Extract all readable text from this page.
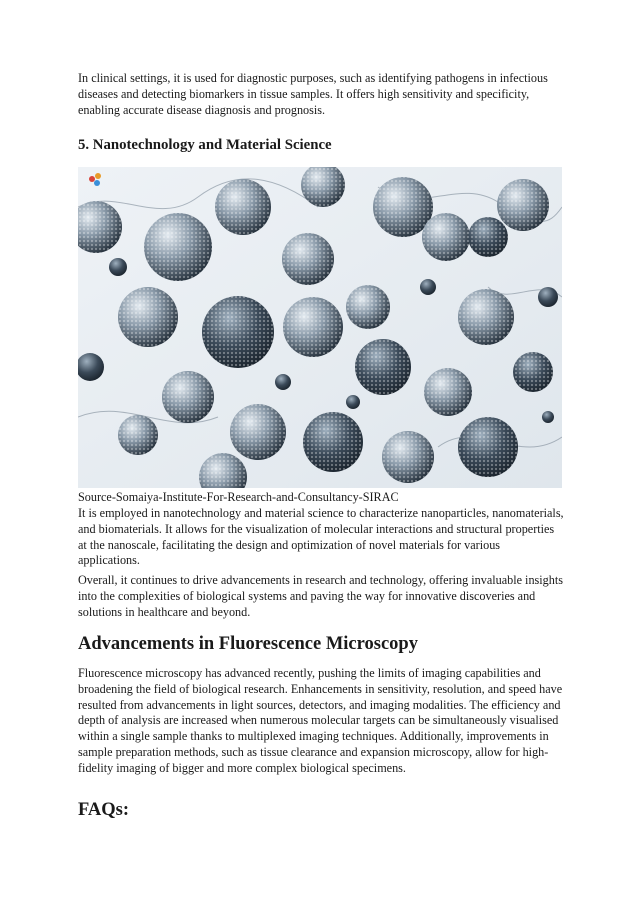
In clinical settings, it is used for diagnostic purposes, such as identifying pathogens in infectious diseases and detecting biomarkers in tissue samples. It offers high sensitivity and specificity, enabling accurate disease diagnosis and prognosis.

5. Nanotechnology and Material Science

Source-Somaiya-Institute-For-Research-and-Consultancy-SIRAC

It is employed in nanotechnology and material science to characterize nanoparticles, nanomaterials, and biomaterials. It allows for the visualization of molecular interactions and structural properties at the nanoscale, facilitating the design and optimization of novel materials for various applications.

Overall, it continues to drive advancements in research and technology, offering invaluable insights into the complexities of biological systems and paving the way for innovative discoveries and solutions in healthcare and beyond.

Advancements in Fluorescence Microscopy

Fluorescence microscopy has advanced recently, pushing the limits of imaging capabilities and broadening the field of biological research. Enhancements in sensitivity, resolution, and speed have resulted from advancements in light sources, detectors, and imaging modalities. The efficiency and depth of analysis are increased when numerous molecular targets can be simultaneously visualised within a single sample thanks to multiplexed imaging techniques. Additionally, improvements in sample preparation methods, such as tissue clearance and expansion microscopy, allow for high-fidelity imaging of bigger and more complex biological specimens.

FAQs:
